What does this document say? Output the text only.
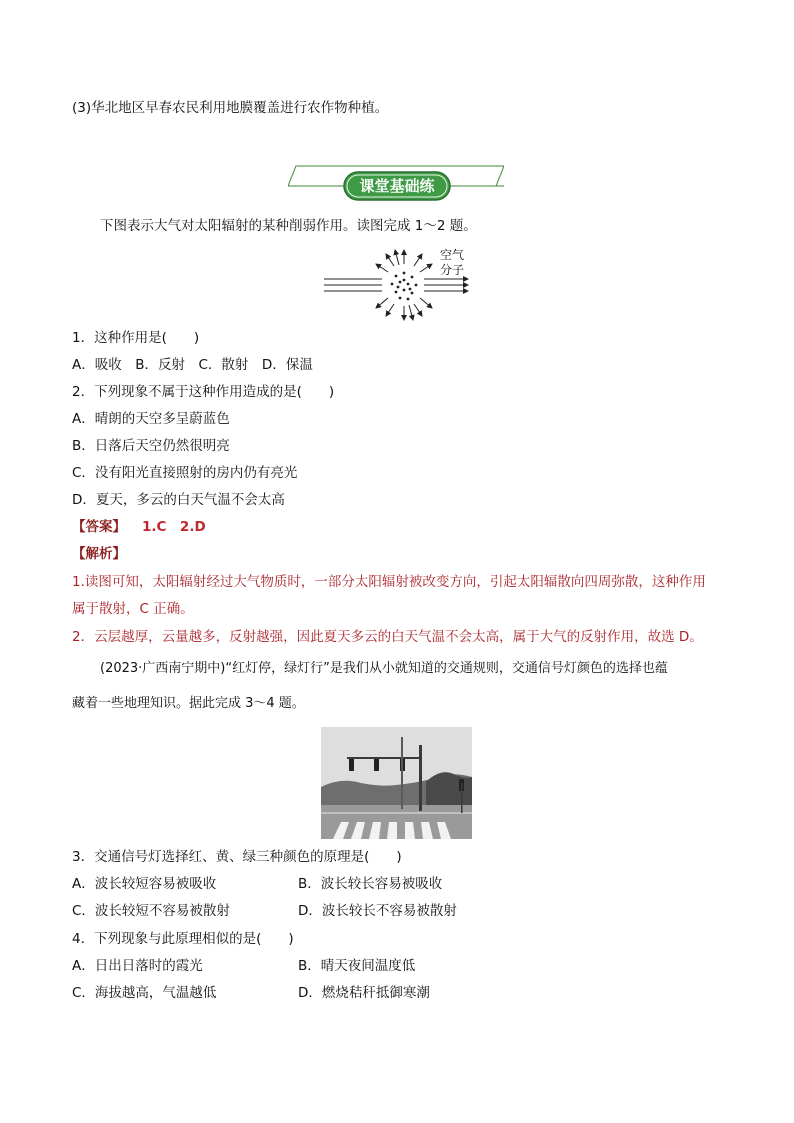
(3)华北地区早春农民利用地膜覆盖进行农作物种植。
课堂基础练
下图表示大气对太阳辐射的某种削弱作用。读图完成 1～2 题。
空气
分子
1．这种作用是(　　)
A．吸收　B．反射　C．散射　D．保温
2．下列现象不属于这种作用造成的是(　　)
A．晴朗的天空多呈蔚蓝色
B．日落后天空仍然很明亮
C．没有阳光直接照射的房内仍有亮光
D．夏天，多云的白天气温不会太高
【答案】 1.C　2.D
【解析】
1.读图可知，太阳辐射经过大气物质时，一部分太阳辐射被改变方向，引起太阳辐散向四周弥散，这种作用
属于散射，C 正确。
2．云层越厚，云量越多，反射越强，因此夏天多云的白天气温不会太高，属于大气的反射作用，故选 D。
(2023·广西南宁期中)“红灯停，绿灯行”是我们从小就知道的交通规则，交通信号灯颜色的选择也蕴
藏着一些地理知识。据此完成 3～4 题。
3．交通信号灯选择红、黄、绿三种颜色的原理是(　　)
A．波长较短容易被吸收	B．波长较长容易被吸收
C．波长较短不容易被散射	D．波长较长不容易被散射
4．下列现象与此原理相似的是(　　)
A．日出日落时的霞光	B．晴天夜间温度低
C．海拔越高，气温越低	D．燃烧秸秆抵御寒潮
